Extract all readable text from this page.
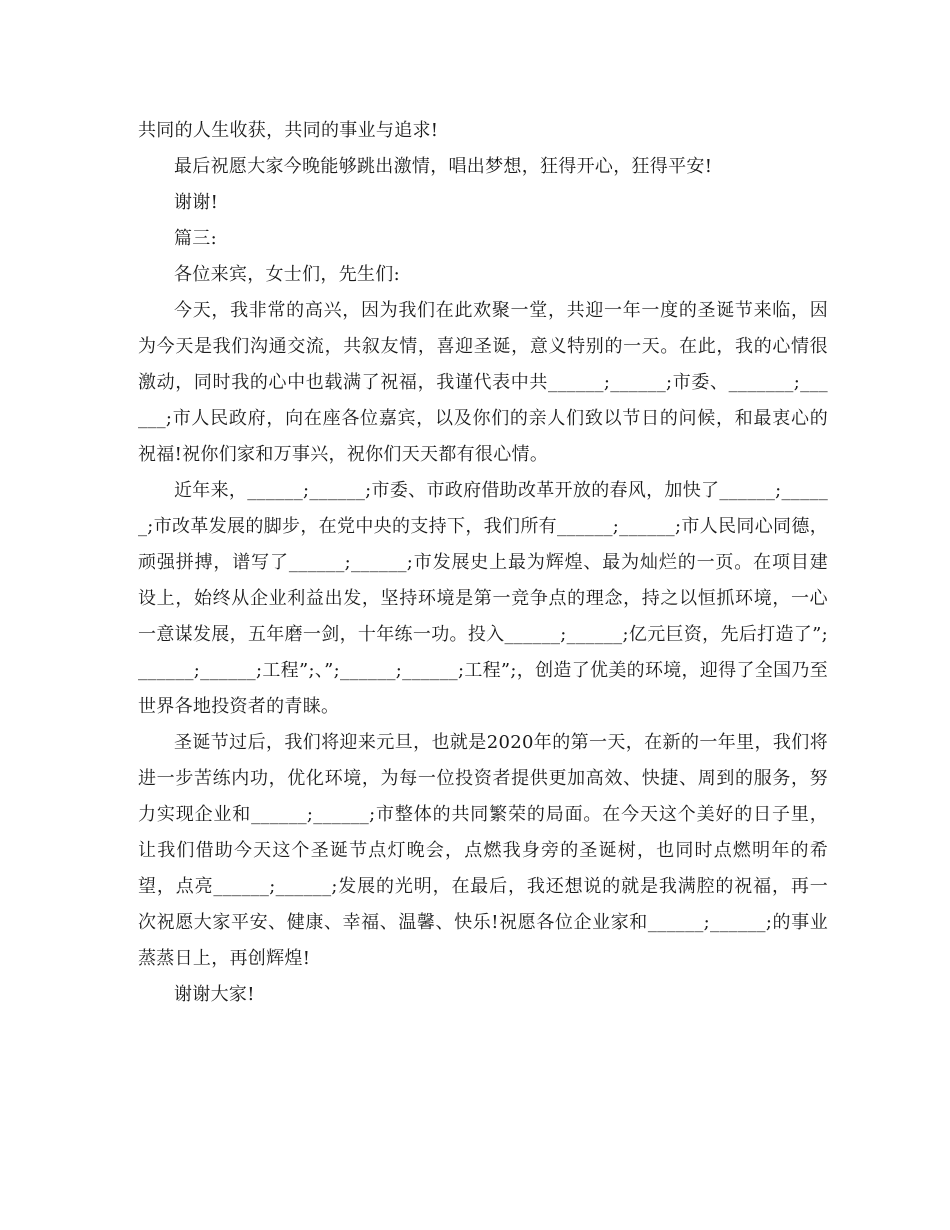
共同的人生收获，共同的事业与追求!

最后祝愿大家今晚能够跳出激情，唱出梦想，狂得开心，狂得平安!

谢谢!

篇三:

各位来宾，女士们，先生们:

今天，我非常的高兴，因为我们在此欢聚一堂，共迎一年一度的圣诞节来临，因为今天是我们沟通交流，共叙友情，喜迎圣诞，意义特别的一天。在此，我的心情很激动，同时我的心中也载满了祝福，我谨代表中共______;______;市委、_______;______;市人民政府，向在座各位嘉宾，以及你们的亲人们致以节日的问候，和最衷心的祝福!祝你们家和万事兴，祝你们天天都有很心情。

近年来，______;______;市委、市政府借助改革开放的春风，加快了______;______;市改革发展的脚步，在党中央的支持下，我们所有______;______;市人民同心同德，顽强拼搏，谱写了______;______;市发展史上最为辉煌、最为灿烂的一页。在项目建设上，始终从企业利益出发，坚持环境是第一竞争点的理念，持之以恒抓环境，一心一意谋发展，五年磨一剑，十年练一功。投入______;______;亿元巨资，先后打造了”;______;______;工程”;、”;______;______;工程”;，创造了优美的环境，迎得了全国乃至世界各地投资者的青睐。

圣诞节过后，我们将迎来元旦，也就是2020年的第一天，在新的一年里，我们将进一步苦练内功，优化环境，为每一位投资者提供更加高效、快捷、周到的服务，努力实现企业和______;______;市整体的共同繁荣的局面。在今天这个美好的日子里，让我们借助今天这个圣诞节点灯晚会，点燃我身旁的圣诞树，也同时点燃明年的希望，点亮______;______;发展的光明，在最后，我还想说的就是我满腔的祝福，再一次祝愿大家平安、健康、幸福、温馨、快乐!祝愿各位企业家和______;______;的事业蒸蒸日上，再创辉煌!

谢谢大家!
